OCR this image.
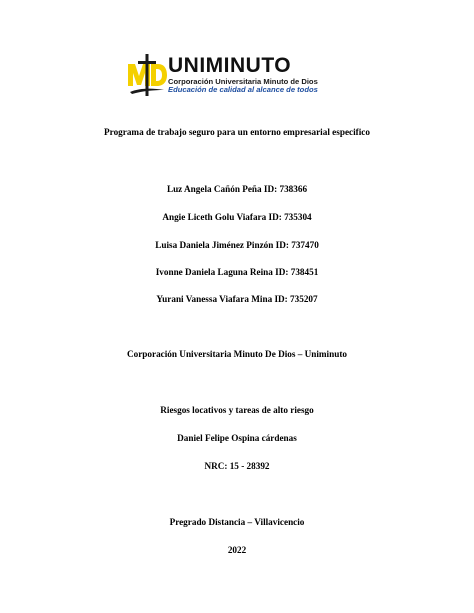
UNIMINUTO
Corporación Universitaria Minuto de Dios
Educación de calidad al alcance de todos
Programa de trabajo seguro para un entorno empresarial especifico
Luz Angela Cañón Peña ID: 738366
Angie Liceth Golu Viafara ID: 735304
Luisa Daniela Jiménez Pinzón ID: 737470
Ivonne Daniela Laguna Reina ID: 738451
Yurani Vanessa Viafara Mina ID: 735207
Corporación Universitaria Minuto De Dios – Uniminuto
Riesgos locativos y tareas de alto riesgo
Daniel Felipe Ospina cárdenas
NRC: 15 - 28392
Pregrado Distancia – Villavicencio
2022
